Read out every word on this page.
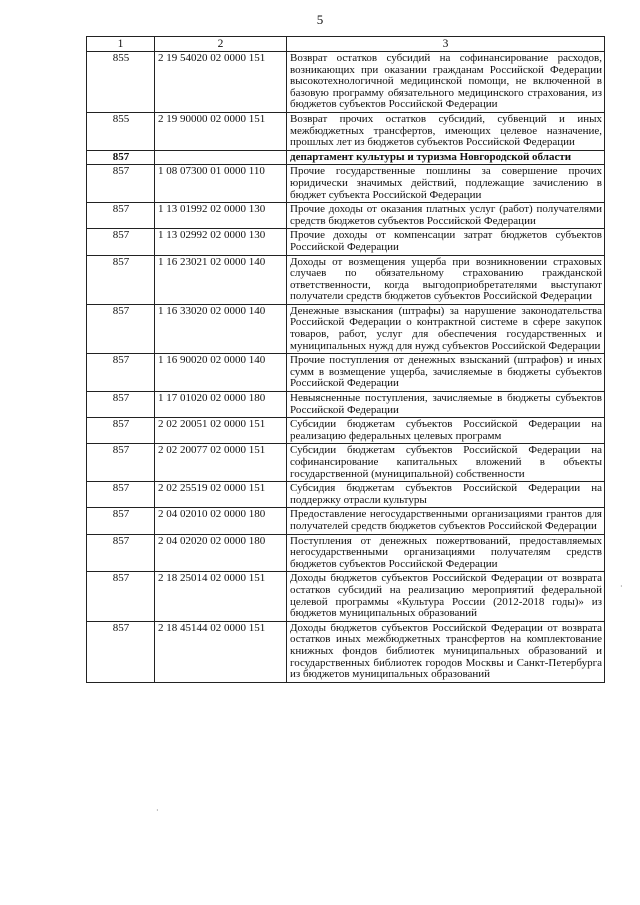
5
1	2	3
855	2 19 54020 02 0000 151	Возврат остатков субсидий на софинансирование расходов, возникающих при оказании гражданам Российской Федерации высокотехнологичной медицинской помощи, не включенной в базовую программу обязательного медицинского страхования, из бюджетов субъектов Российской Федерации
855	2 19 90000 02 0000 151	Возврат прочих остатков субсидий, субвенций и иных межбюджетных трансфертов, имеющих целевое назначение, прошлых лет из бюджетов субъектов Российской Федерации
857		департамент культуры и туризма Новгородской области
857	1 08 07300 01 0000 110	Прочие государственные пошлины за совершение прочих юридически значимых действий, подлежащие зачислению в бюджет субъекта Российской Федерации
857	1 13 01992 02 0000 130	Прочие доходы от оказания платных услуг (работ) получателями средств бюджетов субъектов Российской Федерации
857	1 13 02992 02 0000 130	Прочие доходы от компенсации затрат бюджетов субъектов Российской Федерации
857	1 16 23021 02 0000 140	Доходы от возмещения ущерба при возникновении страховых случаев по обязательному страхованию гражданской ответственности, когда выгодоприобретателями выступают получатели средств бюджетов субъектов Российской Федерации
857	1 16 33020 02 0000 140	Денежные взыскания (штрафы) за нарушение законодательства Российской Федерации о контрактной системе в сфере закупок товаров, работ, услуг для обеспечения государственных и муниципальных нужд для нужд субъектов Российской Федерации
857	1 16 90020 02 0000 140	Прочие поступления от денежных взысканий (штрафов) и иных сумм в возмещение ущерба, зачисляемые в бюджеты субъектов Российской Федерации
857	1 17 01020 02 0000 180	Невыясненные поступления, зачисляемые в бюджеты субъектов Российской Федерации
857	2 02 20051 02 0000 151	Субсидии бюджетам субъектов Российской Федерации на реализацию федеральных целевых программ
857	2 02 20077 02 0000 151	Субсидии бюджетам субъектов Российской Федерации на софинансирование капитальных вложений в объекты государственной (муниципальной) собственности
857	2 02 25519 02 0000 151	Субсидия бюджетам субъектов Российской Федерации на поддержку отрасли культуры
857	2 04 02010 02 0000 180	Предоставление негосударственными организациями грантов для получателей средств бюджетов субъектов Российской Федерации
857	2 04 02020 02 0000 180	Поступления от денежных пожертвований, предоставляемых негосударственными организациями получателям средств бюджетов субъектов Российской Федерации
857	2 18 25014 02 0000 151	Доходы бюджетов субъектов Российской Федерации от возврата остатков субсидий на реализацию мероприятий федеральной целевой программы «Культура России (2012-2018 годы)» из бюджетов муниципальных образований
857	2 18 45144 02 0000 151	Доходы бюджетов субъектов Российской Федерации от возврата остатков иных межбюджетных трансфертов на комплектование книжных фондов библиотек муниципальных образований и государственных библиотек городов Москвы и Санкт-Петербурга из бюджетов муниципальных образований
·
·
